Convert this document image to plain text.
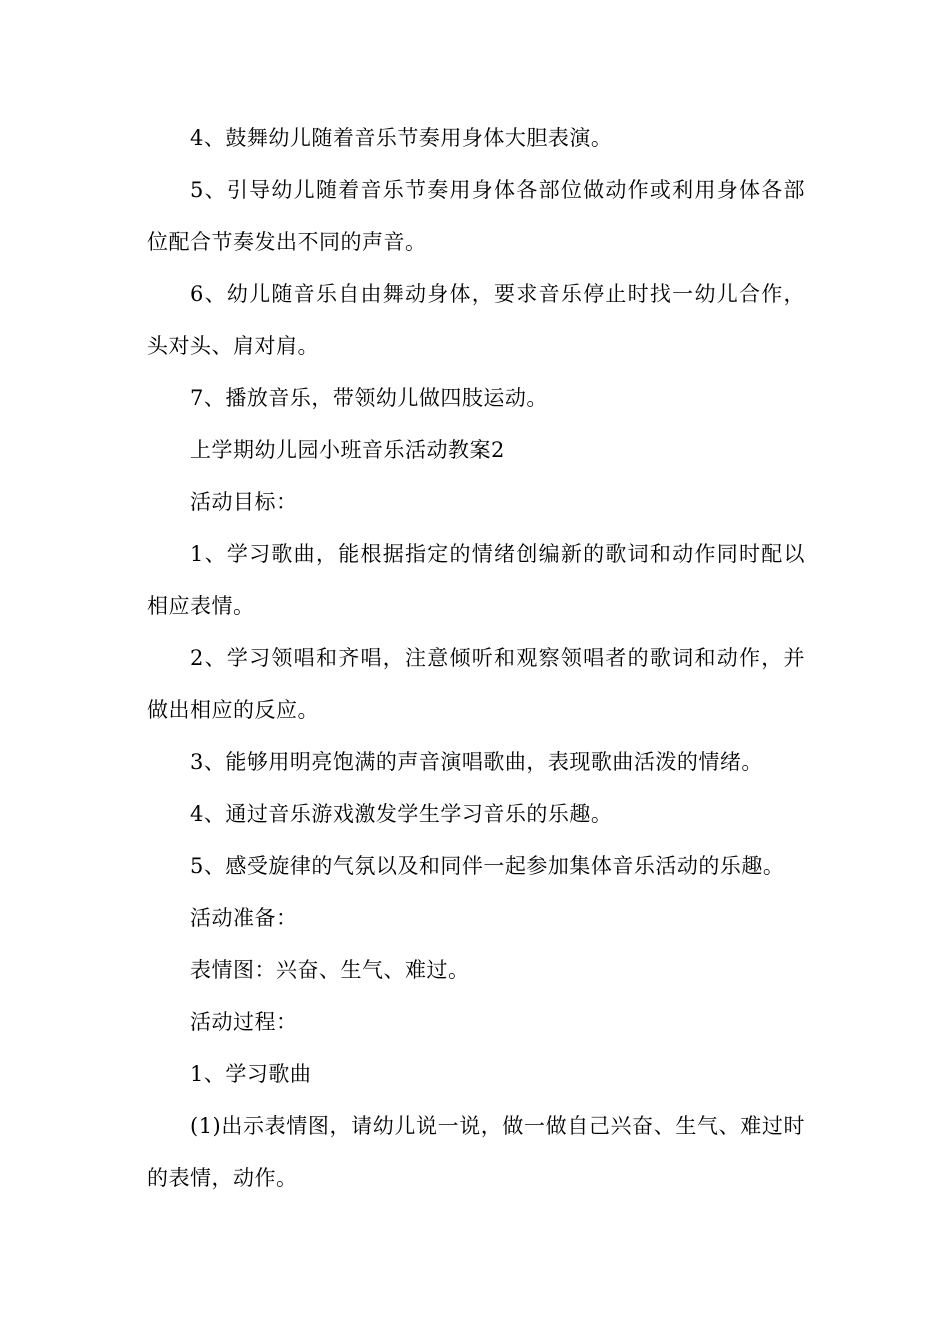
4、鼓舞幼儿随着音乐节奏用身体大胆表演。

5、引导幼儿随着音乐节奏用身体各部位做动作或利用身体各部位配合节奏发出不同的声音。

6、幼儿随音乐自由舞动身体，要求音乐停止时找一幼儿合作，头对头、肩对肩。

7、播放音乐，带领幼儿做四肢运动。

上学期幼儿园小班音乐活动教案2

活动目标：

1、学习歌曲，能根据指定的情绪创编新的歌词和动作同时配以相应表情。

2、学习领唱和齐唱，注意倾听和观察领唱者的歌词和动作，并做出相应的反应。

3、能够用明亮饱满的声音演唱歌曲，表现歌曲活泼的情绪。

4、通过音乐游戏激发学生学习音乐的乐趣。

5、感受旋律的气氛以及和同伴一起参加集体音乐活动的乐趣。

活动准备：

表情图：兴奋、生气、难过。

活动过程：

1、学习歌曲

(1)出示表情图，请幼儿说一说，做一做自己兴奋、生气、难过时的表情，动作。
